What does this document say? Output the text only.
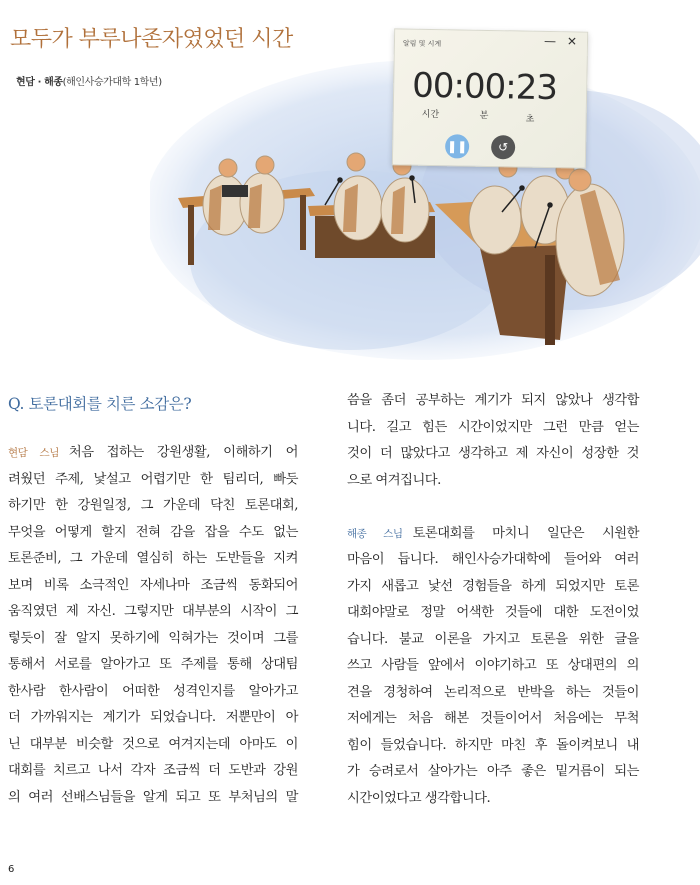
모두가 부루나존자였었던 시간
현담 · 해종(해인사승가대학 1학년)
알림 및 시계	— ✕
00:00:23
시간	분	초
❚❚	↺
Q. 토론대회를 치른 소감은?
현담 스님 처음 접하는 강원생활, 이해하기 어
려웠던 주제, 낯설고 어렵기만 한 팀리더, 빠듯
하기만 한 강원일정, 그 가운데 닥친 토론대회,
무엇을 어떻게 할지 전혀 감을 잡을 수도 없는
토론준비, 그 가운데 열심히 하는 도반들을 지켜
보며 비록 소극적인 자세나마 조금씩 동화되어
움직였던 제 자신. 그렇지만 대부분의 시작이 그
렇듯이 잘 알지 못하기에 익혀가는 것이며 그를
통해서 서로를 알아가고 또 주제를 통해 상대팀
한사람 한사람이 어떠한 성격인지를 알아가고
더 가까워지는 계기가 되었습니다. 저뿐만이 아
닌 대부분 비슷할 것으로 여겨지는데 아마도 이
대회를 치르고 나서 각자 조금씩 더 도반과 강원
의 여러 선배스님들을 알게 되고 또 부처님의 말
씀을 좀더 공부하는 계기가 되지 않았나 생각합
니다. 길고 힘든 시간이었지만 그런 만큼 얻는
것이 더 많았다고 생각하고 제 자신이 성장한 것
으로 여겨집니다.
해종 스님 토론대회를 마치니 일단은 시원한
마음이 듭니다. 해인사승가대학에 들어와 여러
가지 새롭고 낯선 경험들을 하게 되었지만 토론
대회야말로 정말 어색한 것들에 대한 도전이었
습니다. 불교 이론을 가지고 토론을 위한 글을
쓰고 사람들 앞에서 이야기하고 또 상대편의 의
견을 경청하여 논리적으로 반박을 하는 것들이
저에게는 처음 해본 것들이어서 처음에는 무척
힘이 들었습니다. 하지만 마친 후 돌이켜보니 내
가 승려로서 살아가는 아주 좋은 밑거름이 되는
시간이었다고 생각합니다.
6
